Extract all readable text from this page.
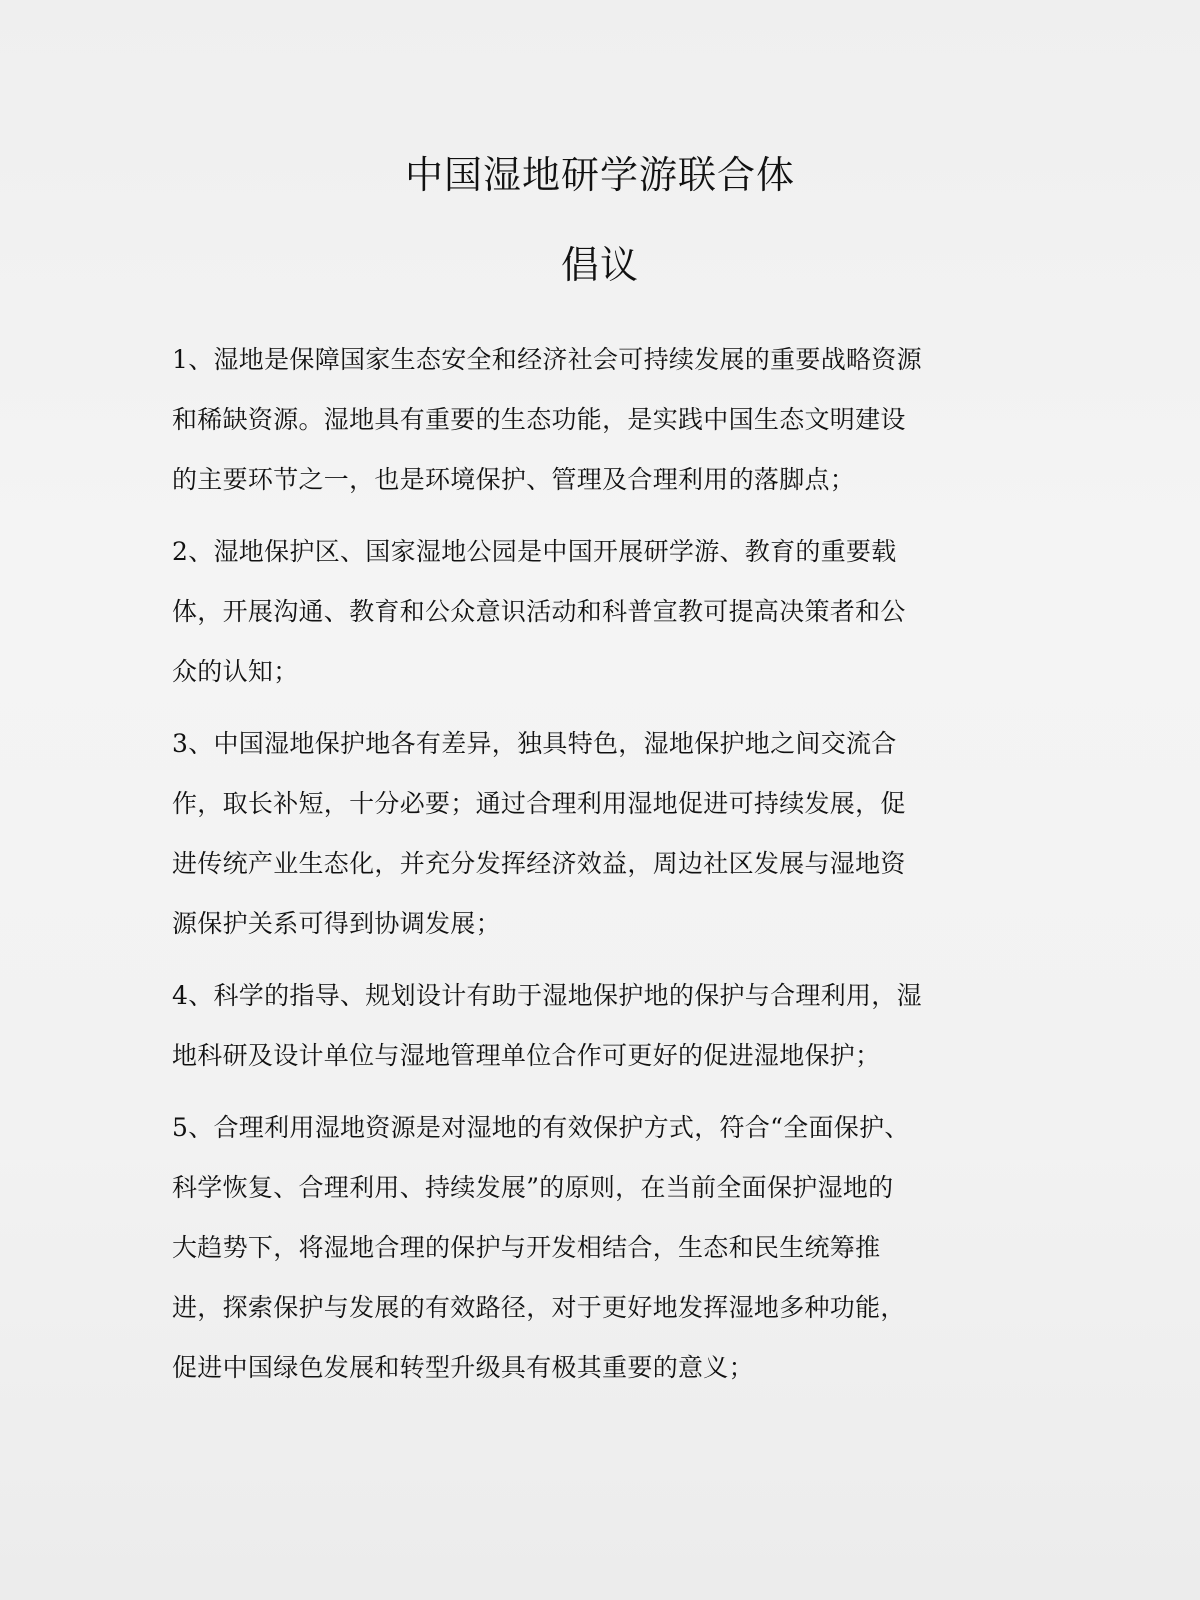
中国湿地研学游联合体
倡议

1、湿地是保障国家生态安全和经济社会可持续发展的重要战略资源
和稀缺资源。湿地具有重要的生态功能，是实践中国生态文明建设
的主要环节之一，也是环境保护、管理及合理利用的落脚点；

2、湿地保护区、国家湿地公园是中国开展研学游、教育的重要载
体，开展沟通、教育和公众意识活动和科普宣教可提高决策者和公
众的认知；

3、中国湿地保护地各有差异，独具特色，湿地保护地之间交流合
作，取长补短，十分必要；通过合理利用湿地促进可持续发展，促
进传统产业生态化，并充分发挥经济效益，周边社区发展与湿地资
源保护关系可得到协调发展；

4、科学的指导、规划设计有助于湿地保护地的保护与合理利用，湿
地科研及设计单位与湿地管理单位合作可更好的促进湿地保护；

5、合理利用湿地资源是对湿地的有效保护方式，符合“全面保护、
科学恢复、合理利用、持续发展”的原则，在当前全面保护湿地的
大趋势下，将湿地合理的保护与开发相结合，生态和民生统筹推
进，探索保护与发展的有效路径，对于更好地发挥湿地多种功能，
促进中国绿色发展和转型升级具有极其重要的意义；
